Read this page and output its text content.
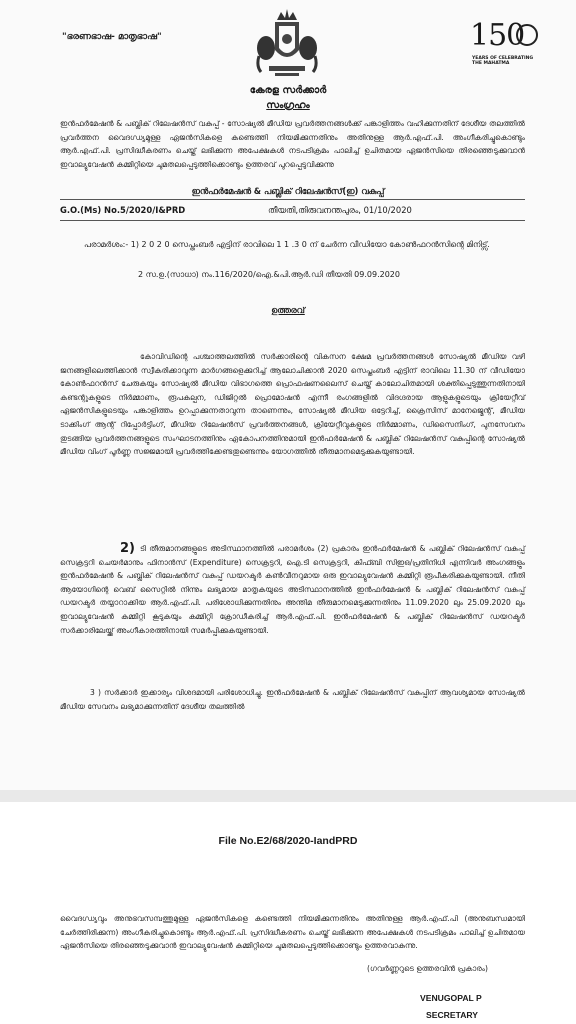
"ഭരണഭാഷ- മാതൃഭാഷ"	150
YEARS OF CELEBRATING THE MAHATMA
കേരള സർക്കാർ
സംഗ്രഹം
ഇൻഫർമേഷൻ & പബ്ലിക് റിലേഷൻസ് വകുപ്പ് - സോഷ്യൽ മീഡിയ പ്രവർത്തനങ്ങൾക്ക് പങ്കാളിത്തം വഹിക്കുന്നതിന് ദേശീയ തലത്തിൽ പ്രവർത്തന വൈദഗ്ധ്യമുള്ള ഏജൻസികളെ കണ്ടെത്തി നിയമിക്കുന്നതിനും അതിനുള്ള ആർ.എഫ്.പി. അംഗീകരിച്ചുകൊണ്ടും ആർ.എഫ്.പി. പ്രസിദ്ധീകരണം ചെയ്ത് ലഭിക്കുന്ന അപേക്ഷകൾ നടപടിക്രമം പാലിച്ച് ഉചിതമായ ഏജൻസിയെ തിരഞ്ഞെടുക്കുവാൻ ഇവാല്യുവേഷൻ കമ്മിറ്റിയെ ചുമതലപ്പെടുത്തിക്കൊണ്ടും ഉത്തരവ് പുറപ്പെടുവിക്കുന്നു
ഇൻഫർമേഷൻ & പബ്ലിക് റിലേഷൻസ്(ഇ) വകുപ്പ്
G.O.(Ms) No.5/2020/I&PRD	തീയതി,തിരുവനന്തപുരം, 01/10/2020
പരാമർശം:- 1) 2 0 2 0 സെപ്തംബർ എട്ടിന് രാവിലെ 1 1 .3 0 ന് ചേർന്ന വീഡിയോ കോൺഫറൻസിന്റെ മിനിട്സ്.
2 സ.ഉ.(സാധാ) നം.116/2020/ഐ.&പി.ആർ.ഡി തീയതി 09.09.2020
ഉത്തരവ്
കോവിഡിന്റെ പശ്ചാത്തലത്തിൽ സർക്കാരിന്റെ വികസന ക്ഷേമ പ്രവർത്തനങ്ങൾ സോഷ്യൽ മീഡിയ വഴി ജനങ്ങളിലെത്തിക്കാൻ സ്വീകരിക്കാവുന്ന മാർഗങ്ങളെക്കുറിച്ച് ആലോചിക്കാൻ 2020 സെപ്തംബർ എട്ടിന് രാവിലെ 11.30 ന് വീഡിയോ കോൺഫറൻസ് ചേരുകയും സോഷ്യൽ മീഡിയ വിഭാഗത്തെ പ്രൊഫഷണലൈസ് ചെയ്ത് കാലോചിതമായി ശക്തിപ്പെടുത്തുന്നതിനായി കണ്ടന്റുകളുടെ നിർമ്മാണം, രൂപകല്പന, ഡിജിറ്റൽ പ്രൊമോഷൻ എന്നീ രംഗങ്ങളിൽ വിദഗ്ദരായ ആളുകളുടെയും ക്രിയേറ്റീവ് ഏജൻസികളുടെയും പങ്കാളിത്തം ഉറപ്പാക്കുന്നതാവുന്ന താണെന്നും, സോഷ്യൽ മീഡിയ ഒട്ടേറിച്ച്, ക്രൈസിസ് മാനേജ്മെന്റ്, മീഡിയ ടാക്കിംഗ് ആന്റ് റിപ്പോർട്ടിംഗ്, മീഡിയ റിലേഷൻസ് പ്രവർത്തനങ്ങൾ, ക്രിയേറ്റീവുകളുടെ നിർമ്മാണം, ഡിസൈനിംഗ്, പുനസേവനം തുടങ്ങിയ പ്രവർത്തനങ്ങളുടെ സംഘാടനത്തിനും ഏകോപനത്തിനുമായി ഇൻഫർമേഷൻ & പബ്ലിക് റിലേഷൻസ് വകുപ്പിന്റെ സോഷ്യൽ മീഡിയ വിംഗ് പൂർണ്ണ സജ്ജമായി പ്രവർത്തിക്കേണ്ടതുണ്ടെന്നും യോഗത്തിൽ തീരുമാനമെടുക്കുകയുണ്ടായി.
2) ടി തീരുമാനങ്ങളുടെ അടിസ്ഥാനത്തിൽ പരാമർശം (2) പ്രകാരം ഇൻഫർമേഷൻ & പബ്ലിക് റിലേഷൻസ് വകുപ്പ് സെക്രട്ടറി ചെയർമാനും ഫിനാൻസ് (Expenditure) സെക്രട്ടറി, ഐ.ടി സെക്രട്ടറി, കിഫ്ബി സിഇഒ/പ്രതിനിധി എന്നിവർ അംഗങ്ങളും ഇൻഫർമേഷൻ & പബ്ലിക് റിലേഷൻസ് വകുപ്പ് ഡയറക്ടർ കൺവീനറുമായ ഒരു ഇവാല്യുവേഷൻ കമ്മിറ്റി രൂപീകരിക്കുകയുണ്ടായി. നീതി ആയോഗിന്റെ വെബ് സൈറ്റിൽ നിന്നും ലഭ്യമായ മാതൃകയുടെ അടിസ്ഥാനത്തിൽ ഇൻഫർമേഷൻ & പബ്ലിക് റിലേഷൻസ് വകുപ്പ് ഡയറക്ടർ തയ്യാറാക്കിയ ആർ.എഫ്.പി. പരിശോധിക്കുന്നതിനും അന്തിമ തീരുമാനമെടുക്കുന്നതിനും 11.09.2020 ലും 25.09.2020 ലും ഇവാല്യുവേഷൻ കമ്മിറ്റി കൂടുകയും കമ്മിറ്റി ക്രോഡീകരിച്ച് ആർ.എഫ്.പി. ഇൻഫർമേഷൻ & പബ്ലിക് റിലേഷൻസ് ഡയറക്ടർ സർക്കാരിലേയ്ക്ക് അംഗീകാരത്തിനായി സമർപ്പിക്കുകയുണ്ടായി.
3 ) സർക്കാർ ഇക്കാര്യം വിശദമായി പരിശോധിച്ചു. ഇൻഫർമേഷൻ & പബ്ലിക് റിലേഷൻസ് വകുപ്പിന് ആവശ്യമായ സോഷ്യൽ മീഡിയ സേവനം ലഭ്യമാക്കുന്നതിന് ദേശീയ തലത്തിൽ
File No.E2/68/2020-IandPRD
വൈദഗ്ധ്യവും അനുഭവസമ്പത്തുമുള്ള ഏജൻസികളെ കണ്ടെത്തി നിയമിക്കുന്നതിനും അതിനുള്ള ആർ.എഫ്.പി (അനുബന്ധമായി ചേർത്തിരിക്കുന്ന) അംഗീകരിച്ചുകൊണ്ടും ആർ.എഫ്.പി. പ്രസിദ്ധീകരണം ചെയ്ത് ലഭിക്കുന്ന അപേക്ഷകൾ നടപടിക്രമം പാലിച്ച് ഉചിതമായ ഏജൻസിയെ തിരഞ്ഞെടുക്കുവാൻ ഇവാല്യുവേഷൻ കമ്മിറ്റിയെ ചുമതലപ്പെടുത്തിക്കൊണ്ടും ഉത്തരവാകുന്നു.
(ഗവർണ്ണറുടെ ഉത്തരവിൻ പ്രകാരം)
VENUGOPAL P
SECRETARY
